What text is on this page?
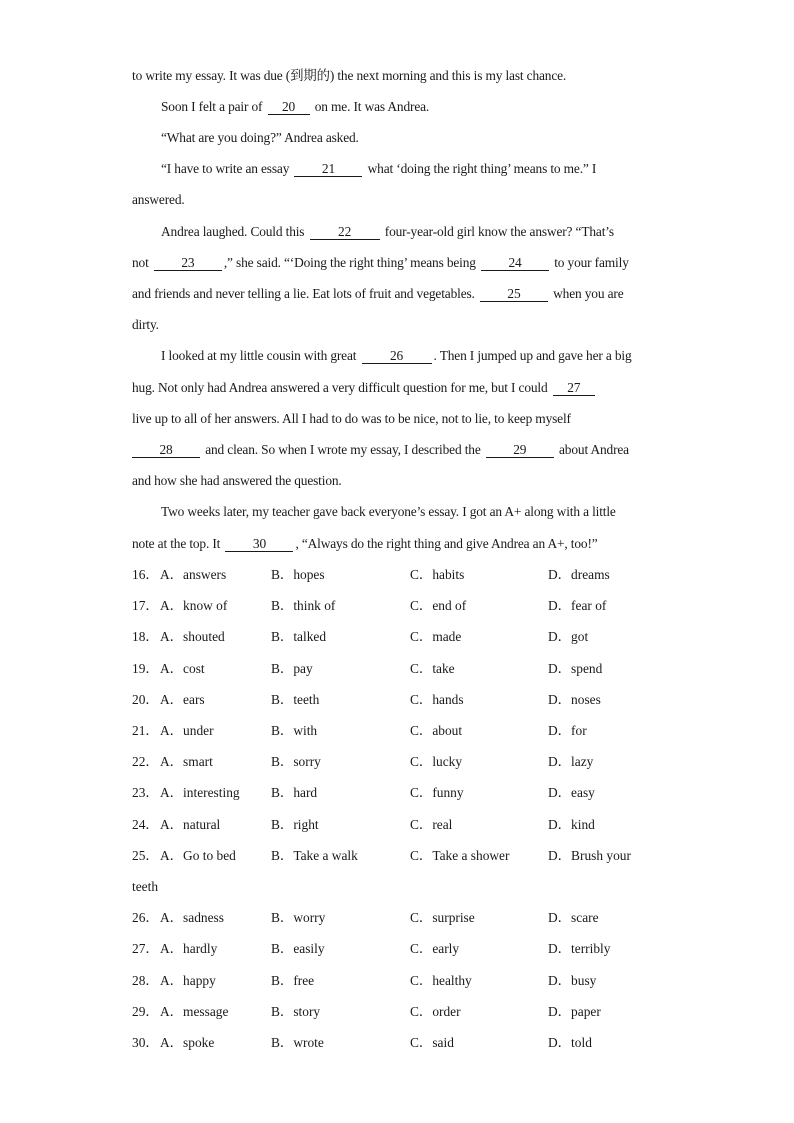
to write my essay. It was due (到期的) the next morning and this is my last chance.
Soon I felt a pair of 20 on me. It was Andrea.
“What are you doing?” Andrea asked.
“I have to write an essay 21 what ‘doing the right thing’ means to me.” I
answered.
Andrea laughed. Could this 22 four-year-old girl know the answer? “That’s
not 23 ,” she said. “‘Doing the right thing’ means being 24 to your family
and friends and never telling a lie. Eat lots of fruit and vegetables. 25 when you are
dirty.
I looked at my little cousin with great 26 . Then I jumped up and gave her a big
hug. Not only had Andrea answered a very difficult question for me, but I could 27
live up to all of her answers. All I had to do was to be nice, not to lie, to keep myself
28 and clean. So when I wrote my essay, I described the 29 about Andrea
and how she had answered the question.
Two weeks later, my teacher gave back everyone’s essay. I got an A+ along with a little
note at the top. It 30 , “Always do the right thing and give Andrea an A+, too!”
16． A．answers	B．hopes	C．habits	D．dreams
17． A．know of	B．think of	C．end of	D．fear of
18． A．shouted	B．talked	C．made	D．got
19． A．cost	B．pay	C．take	D．spend
20． A．ears	B．teeth	C．hands	D．noses
21． A．under	B．with	C．about	D．for
22． A．smart	B．sorry	C．lucky	D．lazy
23． A．interesting B．hard	C．funny	D．easy
24． A．natural	B．right	C．real	D．kind
25． A．Go to bed	B．Take a walk	C．Take a shower	D．Brush your
teeth
26． A．sadness	B．worry	C．surprise	D．scare
27． A．hardly	B．easily	C．early	D．terribly
28． A．happy	B．free	C．healthy	D．busy
29． A．message	B．story	C．order	D．paper
30． A．spoke	B．wrote	C．said	D．told
